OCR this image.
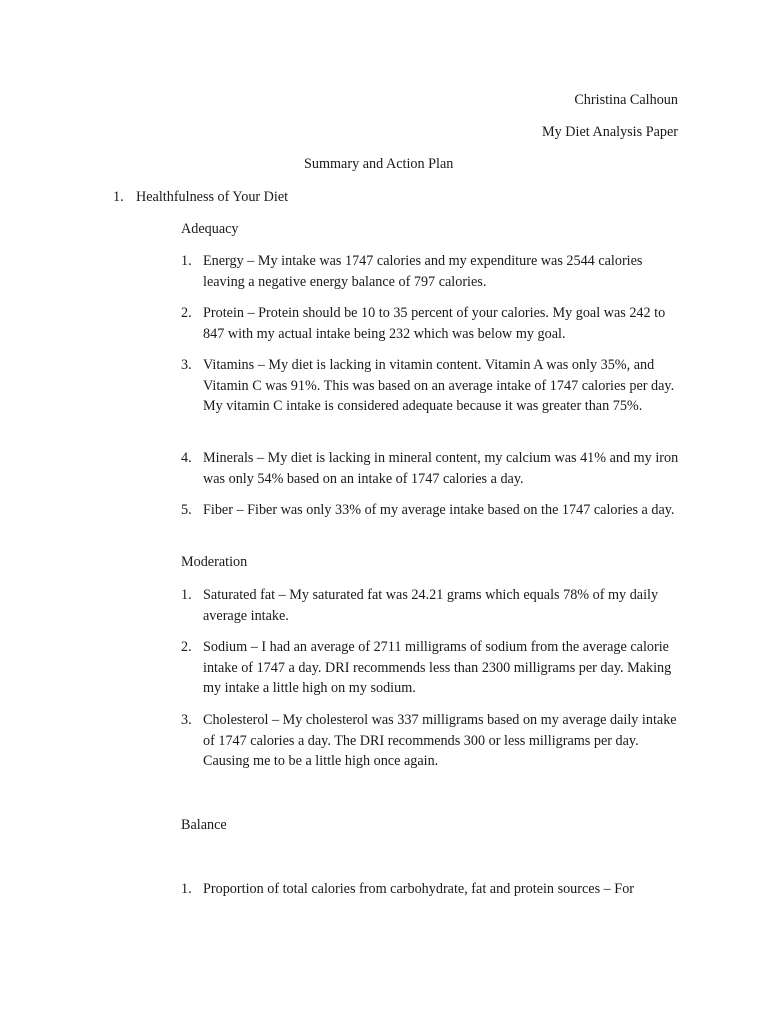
Christina Calhoun
My Diet Analysis Paper
Summary and Action Plan
1. Healthfulness of Your Diet
Adequacy
1. Energy – My intake was 1747 calories and my expenditure was 2544 calories leaving a negative energy balance of 797 calories.
2. Protein – Protein should be 10 to 35 percent of your calories. My goal was 242 to 847 with my actual intake being 232 which was below my goal.
3. Vitamins – My diet is lacking in vitamin content. Vitamin A was only 35%, and Vitamin C was 91%. This was based on an average intake of 1747 calories per day. My vitamin C intake is considered adequate because it was greater than 75%.
4. Minerals – My diet is lacking in mineral content, my calcium was 41% and my iron was only 54% based on an intake of 1747 calories a day.
5. Fiber – Fiber was only 33% of my average intake based on the 1747 calories a day.
Moderation
1. Saturated fat – My saturated fat was 24.21 grams which equals 78% of my daily average intake.
2. Sodium – I had an average of 2711 milligrams of sodium from the average calorie intake of 1747 a day. DRI recommends less than 2300 milligrams per day. Making my intake a little high on my sodium.
3. Cholesterol – My cholesterol was 337 milligrams based on my average daily intake of 1747 calories a day. The DRI recommends 300 or less milligrams per day. Causing me to be a little high once again.
Balance
1. Proportion of total calories from carbohydrate, fat and protein sources – For
